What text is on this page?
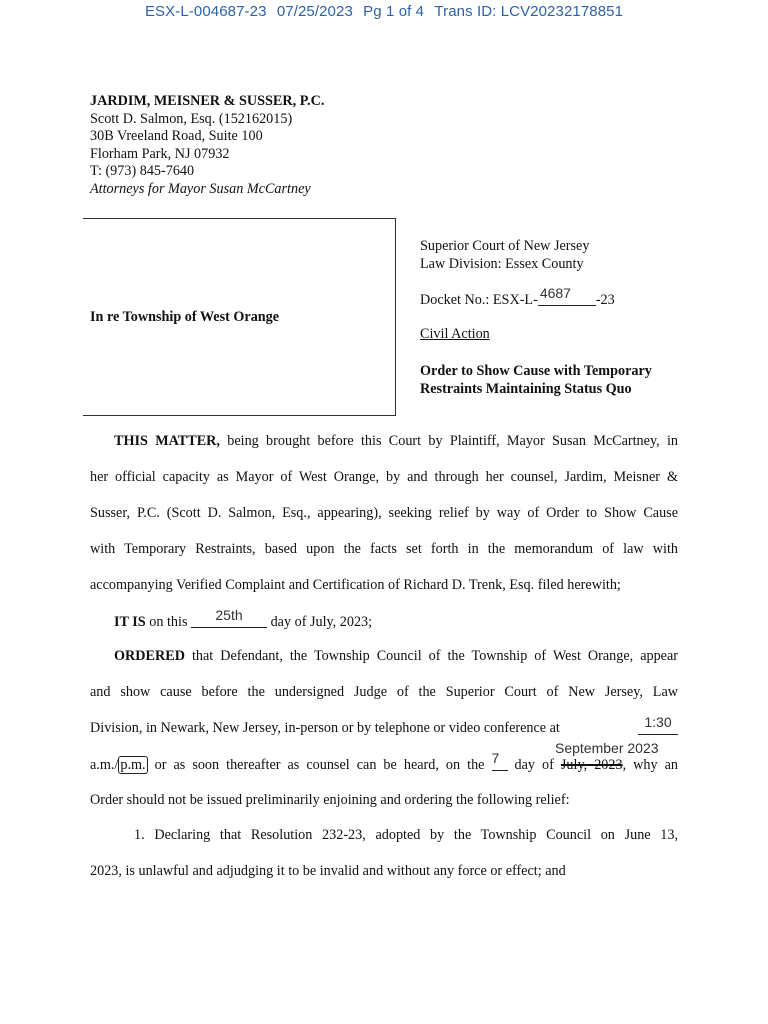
ESX-L-004687-23 07/25/2023 Pg 1 of 4 Trans ID: LCV20232178851
JARDIM, MEISNER & SUSSER, P.C.
Scott D. Salmon, Esq. (152162015)
30B Vreeland Road, Suite 100
Florham Park, NJ 07932
T: (973) 845-7640
Attorneys for Mayor Susan McCartney
In re Township of West Orange
Superior Court of New Jersey
Law Division: Essex County
Docket No.: ESX-L- 4687 -23
Civil Action
Order to Show Cause with Temporary
Restraints Maintaining Status Quo
THIS MATTER, being brought before this Court by Plaintiff, Mayor Susan McCartney, in
her official capacity as Mayor of West Orange, by and through her counsel, Jardim, Meisner &
Susser, P.C. (Scott D. Salmon, Esq., appearing), seeking relief by way of Order to Show Cause
with Temporary Restraints, based upon the facts set forth in the memorandum of law with
accompanying Verified Complaint and Certification of Richard D. Trenk, Esq. filed herewith;
IT IS on this	25th	day of July, 2023;
ORDERED that Defendant, the Township Council of the Township of West Orange, appear
and show cause before the undersigned Judge of the Superior Court of New Jersey, Law
Division, in Newark, New Jersey, in-person or by telephone or video conference at	1:30
September 2023
a.m./ p.m. or as soon thereafter as counsel can be heard, on the 7 day of July, 2023, why an
Order should not be issued preliminarily enjoining and ordering the following relief:
1. Declaring that Resolution 232-23, adopted by the Township Council on June 13,
2023, is unlawful and adjudging it to be invalid and without any force or effect; and
